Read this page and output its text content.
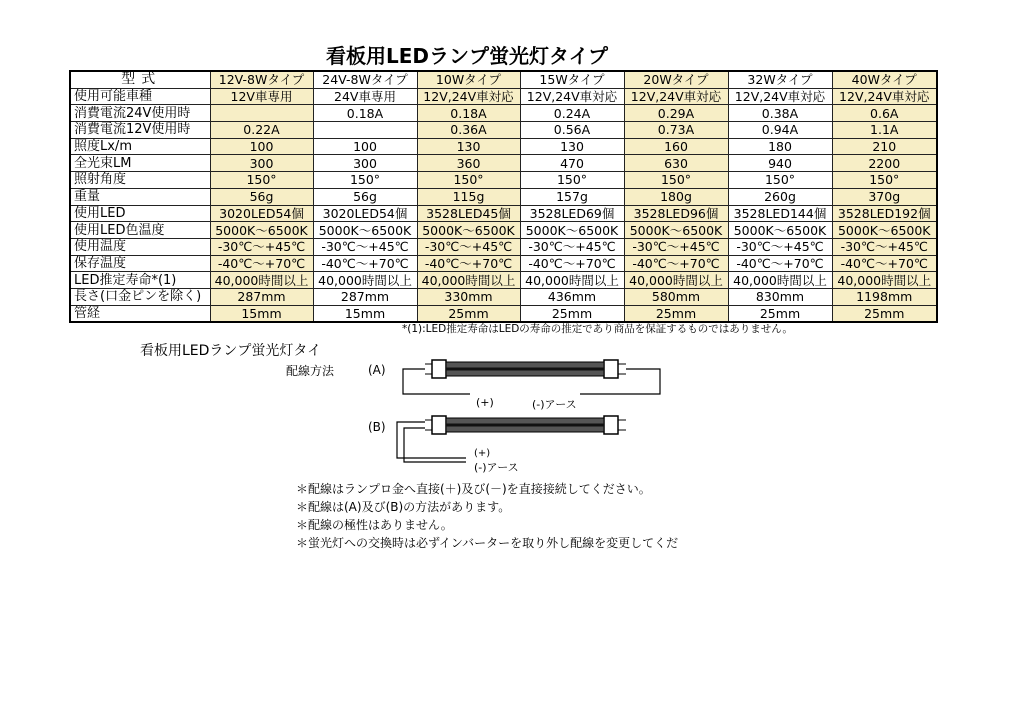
看板用LEDランプ蛍光灯タイプ
型式	12V-8Wタイプ	24V-8Wタイプ	10Wタイプ	15Wタイプ	20Wタイプ	32Wタイプ	40Wタイプ
使用可能車種	12V車専用	24V車専用	12V,24V車対応	12V,24V車対応	12V,24V車対応	12V,24V車対応	12V,24V車対応
消費電流24V使用時		0.18A	0.18A	0.24A	0.29A	0.38A	0.6A
消費電流12V使用時	0.22A		0.36A	0.56A	0.73A	0.94A	1.1A
照度Lx/m	100	100	130	130	160	180	210
全光束LM	300	300	360	470	630	940	2200
照射角度	150°	150°	150°	150°	150°	150°	150°
重量	56g	56g	115g	157g	180g	260g	370g
使用LED	3020LED54個	3020LED54個	3528LED45個	3528LED69個	3528LED96個	3528LED144個	3528LED192個
使用LED色温度	5000K～6500K	5000K～6500K	5000K～6500K	5000K～6500K	5000K～6500K	5000K～6500K	5000K～6500K
使用温度	-30℃～+45℃	-30℃～+45℃	-30℃～+45℃	-30℃～+45℃	-30℃～+45℃	-30℃～+45℃	-30℃～+45℃
保存温度	-40℃～+70℃	-40℃～+70℃	-40℃～+70℃	-40℃～+70℃	-40℃～+70℃	-40℃～+70℃	-40℃～+70℃
LED推定寿命*(1)	40,000時間以上	40,000時間以上	40,000時間以上	40,000時間以上	40,000時間以上	40,000時間以上	40,000時間以上
長さ(口金ピンを除く)	287mm	287mm	330mm	436mm	580mm	830mm	1198mm
管経	15mm	15mm	25mm	25mm	25mm	25mm	25mm
*(1):LED推定寿命はLEDの寿命の推定であり商品を保証するものではありません。
看板用LEDランプ蛍光灯タイ
配線方法	(A)
(B)
(+)	(-)アース
(+)
(-)アース
＊配線はランプロ金へ直接(＋)及び(－)を直接接続してください。
＊配線は(A)及び(B)の方法があります。
＊配線の極性はありません。
＊蛍光灯への交換時は必ずインバーターを取り外し配線を変更してくだ
